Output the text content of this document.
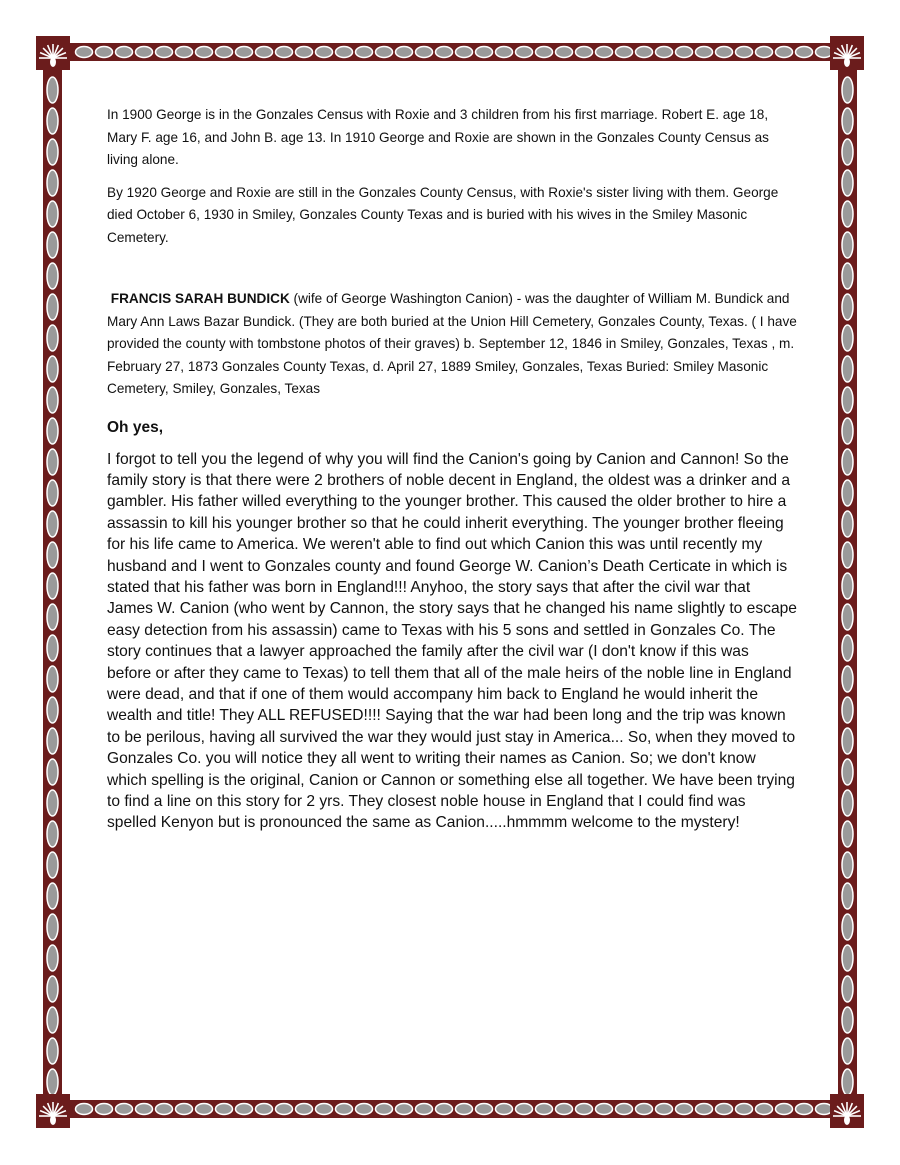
In 1900 George is in the Gonzales Census with Roxie and 3 children from his first marriage. Robert E. age 18, Mary F. age 16, and John B. age 13. In 1910 George and Roxie are shown in the Gonzales County Census as living alone.

By 1920 George and Roxie are still in the Gonzales County Census, with Roxie's sister living with them. George died October 6, 1930 in Smiley, Gonzales County Texas and is buried with his wives in the Smiley Masonic Cemetery.

FRANCIS SARAH BUNDICK (wife of George Washington Canion) - was the daughter of William M. Bundick and Mary Ann Laws Bazar Bundick. (They are both buried at the Union Hill Cemetery, Gonzales County, Texas. ( I have provided the county with tombstone photos of their graves) b. September 12, 1846 in Smiley, Gonzales, Texas , m. February 27, 1873 Gonzales County Texas, d. April 27, 1889 Smiley, Gonzales, Texas Buried: Smiley Masonic Cemetery, Smiley, Gonzales, Texas

Oh yes,

I forgot to tell you the legend of why you will find the Canion's going by Canion and Cannon! So the family story is that there were 2 brothers of noble decent in England, the oldest was a drinker and a gambler. His father willed everything to the younger brother. This caused the older brother to hire a assassin to kill his younger brother so that he could inherit everything. The younger brother fleeing for his life came to America. We weren't able to find out which Canion this was until recently my husband and I went to Gonzales county and found George W. Canion’s Death Certicate in which is stated that his father was born in England!!! Anyhoo, the story says that after the civil war that James W. Canion (who went by Cannon, the story says that he changed his name slightly to escape easy detection from his assassin) came to Texas with his 5 sons and settled in Gonzales Co. The story continues that a lawyer approached the family after the civil war (I don't know if this was before or after they came to Texas) to tell them that all of the male heirs of the noble line in England were dead, and that if one of them would accompany him back to England he would inherit the wealth and title! They ALL REFUSED!!!! Saying that the war had been long and the trip was known to be perilous, having all survived the war they would just stay in America... So, when they moved to Gonzales Co. you will notice they all went to writing their names as Canion. So; we don't know which spelling is the original, Canion or Cannon or something else all together. We have been trying to find a line on this story for 2 yrs. They closest noble house in England that I could find was spelled Kenyon but is pronounced the same as Canion.....hmmmm welcome to the mystery!
